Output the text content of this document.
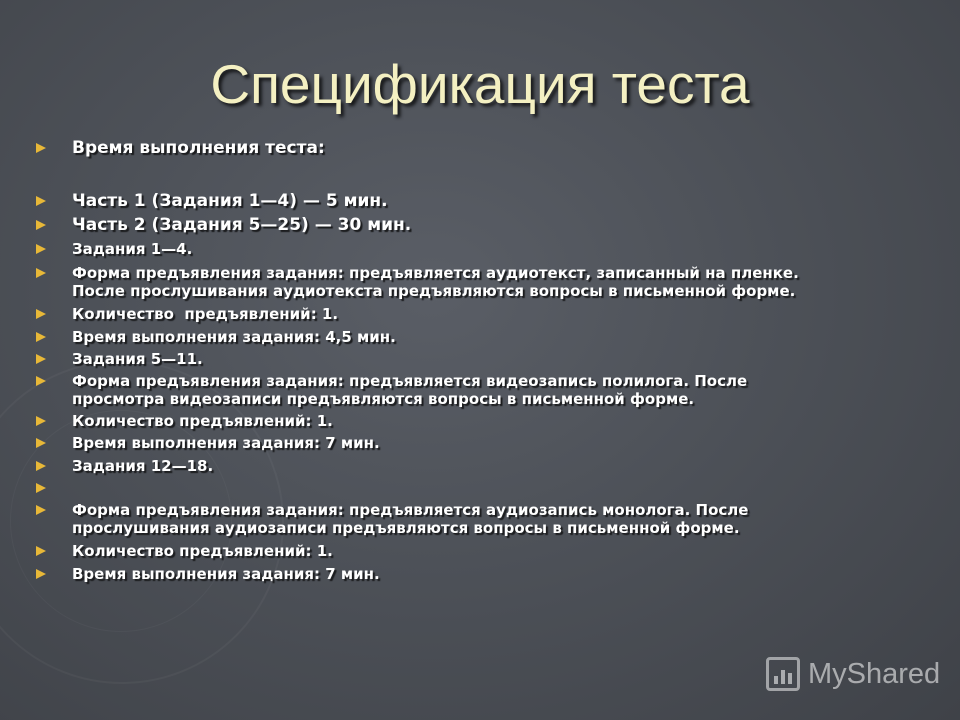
Спецификация теста
Время выполнения теста:
Часть 1 (Задания 1—4) — 5 мин.
Часть 2 (Задания 5—25) — 30 мин.
Задания 1—4.
Форма предъявления задания: предъявляется аудиотекст, записанный на пленке.
После прослушивания аудиотекста предъявляются вопросы в письменной форме.
Количество  предъявлений: 1.
Время выполнения задания: 4,5 мин.
Задания 5—11.
Форма предъявления задания: предъявляется видеозапись полилога. После
просмотра видеозаписи предъявляются вопросы в письменной форме.
Количество предъявлений: 1.
Время выполнения задания: 7 мин.
Задания 12—18.
Форма предъявления задания: предъявляется аудиозапись монолога. После
прослушивания аудиозаписи предъявляются вопросы в письменной форме.
Количество предъявлений: 1.
Время выполнения задания: 7 мин.
MyShared
